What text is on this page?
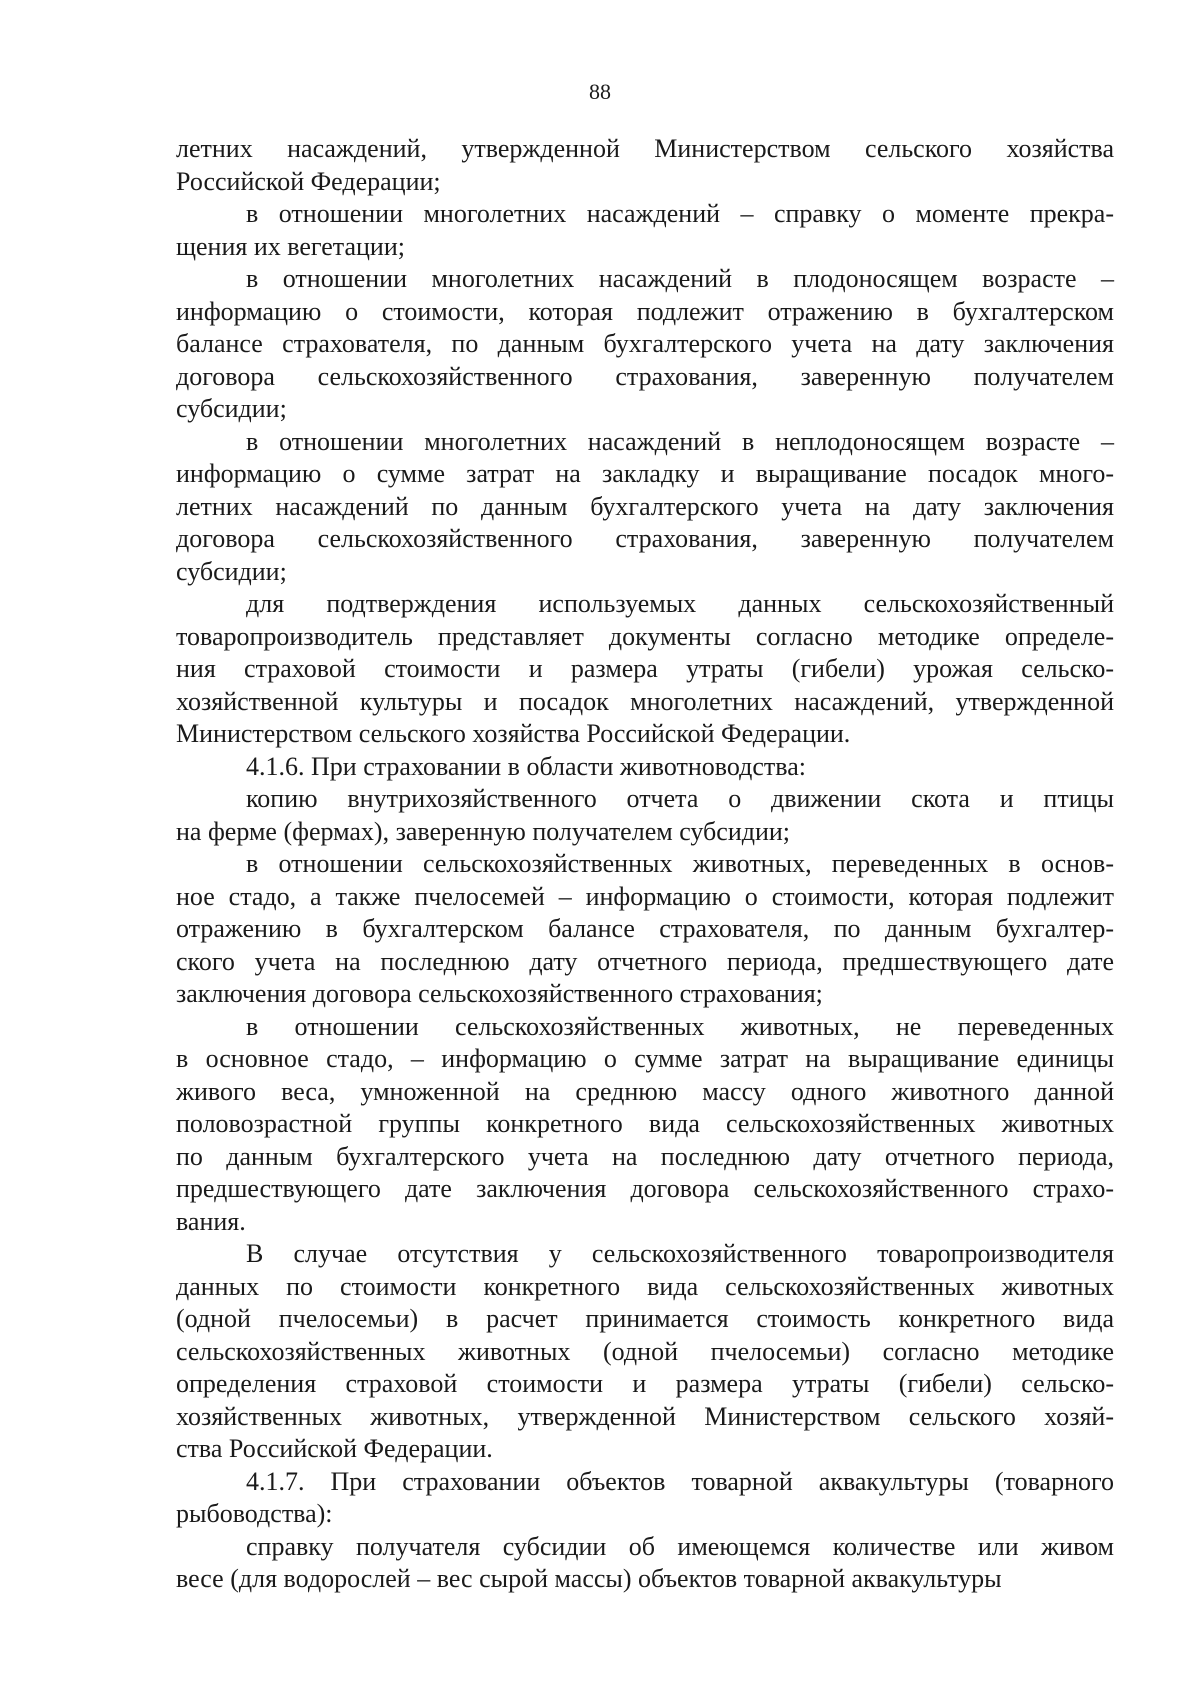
88
летних насаждений, утвержденной Министерством сельского хозяйства
Российской Федерации;
в отношении многолетних насаждений – справку о моменте прекра-
щения их вегетации;
в отношении многолетних насаждений в плодоносящем возрасте –
информацию о стоимости, которая подлежит отражению в бухгалтерском
балансе страхователя, по данным бухгалтерского учета на дату заключения
договора сельскохозяйственного страхования, заверенную получателем
субсидии;
в отношении многолетних насаждений в неплодоносящем возрасте –
информацию о сумме затрат на закладку и выращивание посадок много-
летних насаждений по данным бухгалтерского учета на дату заключения
договора сельскохозяйственного страхования, заверенную получателем
субсидии;
для подтверждения используемых данных сельскохозяйственный
товаропроизводитель представляет документы согласно методике определе-
ния страховой стоимости и размера утраты (гибели) урожая сельско-
хозяйственной культуры и посадок многолетних насаждений, утвержденной
Министерством сельского хозяйства Российской Федерации.
4.1.6. При страховании в области животноводства:
копию внутрихозяйственного отчета о движении скота и птицы
на ферме (фермах), заверенную получателем субсидии;
в отношении сельскохозяйственных животных, переведенных в основ-
ное стадо, а также пчелосемей – информацию о стоимости, которая подлежит
отражению в бухгалтерском балансе страхователя, по данным бухгалтер-
ского учета на последнюю дату отчетного периода, предшествующего дате
заключения договора сельскохозяйственного страхования;
в отношении сельскохозяйственных животных, не переведенных
в основное стадо, – информацию о сумме затрат на выращивание единицы
живого веса, умноженной на среднюю массу одного животного данной
половозрастной группы конкретного вида сельскохозяйственных животных
по данным бухгалтерского учета на последнюю дату отчетного периода,
предшествующего дате заключения договора сельскохозяйственного страхо-
вания.
В случае отсутствия у сельскохозяйственного товаропроизводителя
данных по стоимости конкретного вида сельскохозяйственных животных
(одной пчелосемьи) в расчет принимается стоимость конкретного вида
сельскохозяйственных животных (одной пчелосемьи) согласно методике
определения страховой стоимости и размера утраты (гибели) сельско-
хозяйственных животных, утвержденной Министерством сельского хозяй-
ства Российской Федерации.
4.1.7. При страховании объектов товарной аквакультуры (товарного
рыбоводства):
справку получателя субсидии об имеющемся количестве или живом
весе (для водорослей – вес сырой массы) объектов товарной аквакультуры
